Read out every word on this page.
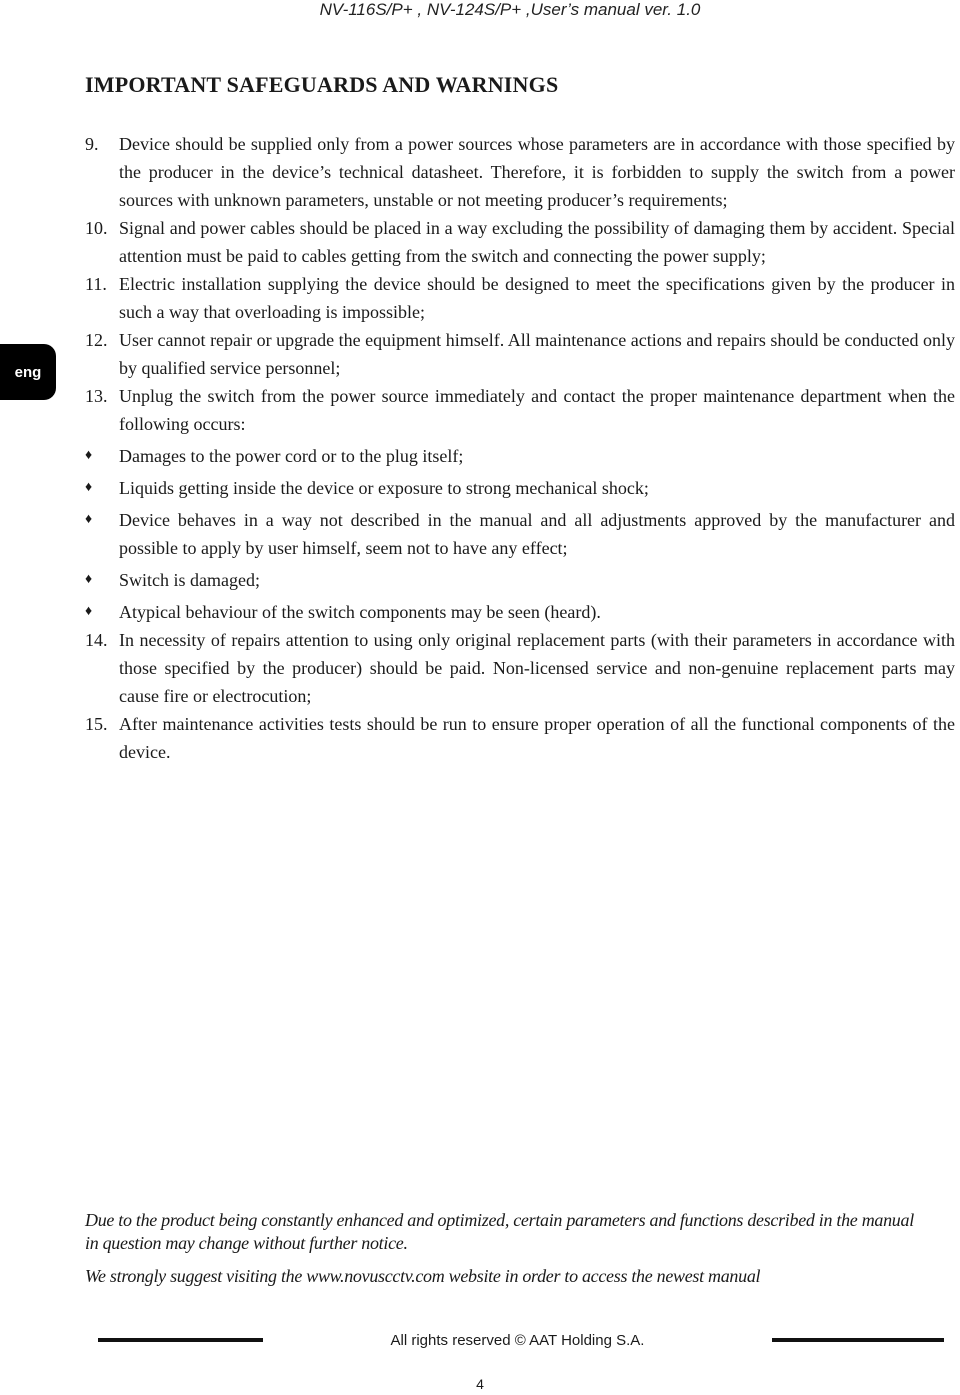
NV-116S/P+ , NV-124S/P+ ,User’s manual ver. 1.0
IMPORTANT SAFEGUARDS AND WARNINGS
eng
9. Device should be supplied only from a power sources whose parameters are in accordance with those specified by the producer in the device’s technical datasheet. Therefore, it is forbidden to supply the switch from a power sources with unknown parameters, unstable or not meeting producer’s requirements;
10. Signal and power cables should be placed in a way excluding the possibility of damaging them by accident. Special attention must be paid to cables getting from the switch and connecting the power supply;
11. Electric installation supplying the device should be designed to meet the specifications given by the producer in such a way that overloading is impossible;
12. User cannot repair or upgrade the equipment himself. All maintenance actions and repairs should be conducted only by qualified service personnel;
13. Unplug the switch from the power source immediately and contact the proper maintenance department when the following occurs:
♦ Damages to the power cord or to the plug itself;
♦ Liquids getting inside the device or exposure to strong mechanical shock;
♦ Device behaves in a way not described in the manual and all adjustments approved by the manufacturer and possible to apply by user himself, seem not to have any effect;
♦ Switch is damaged;
♦ Atypical behaviour of the switch components may be seen (heard).
14. In necessity of repairs attention to using only original replacement parts (with their parameters in accordance with those specified by the producer) should be paid. Non-licensed service and non-genuine replacement parts may cause fire or electrocution;
15. After maintenance activities tests should be run to ensure proper operation of all the functional components of the device.

Due to the product being constantly enhanced and optimized, certain parameters and functions described in the manual in question may change without further notice.

We strongly suggest visiting the www.novuscctv.com website in order to access the newest manual

All rights reserved © AAT Holding S.A.
4
